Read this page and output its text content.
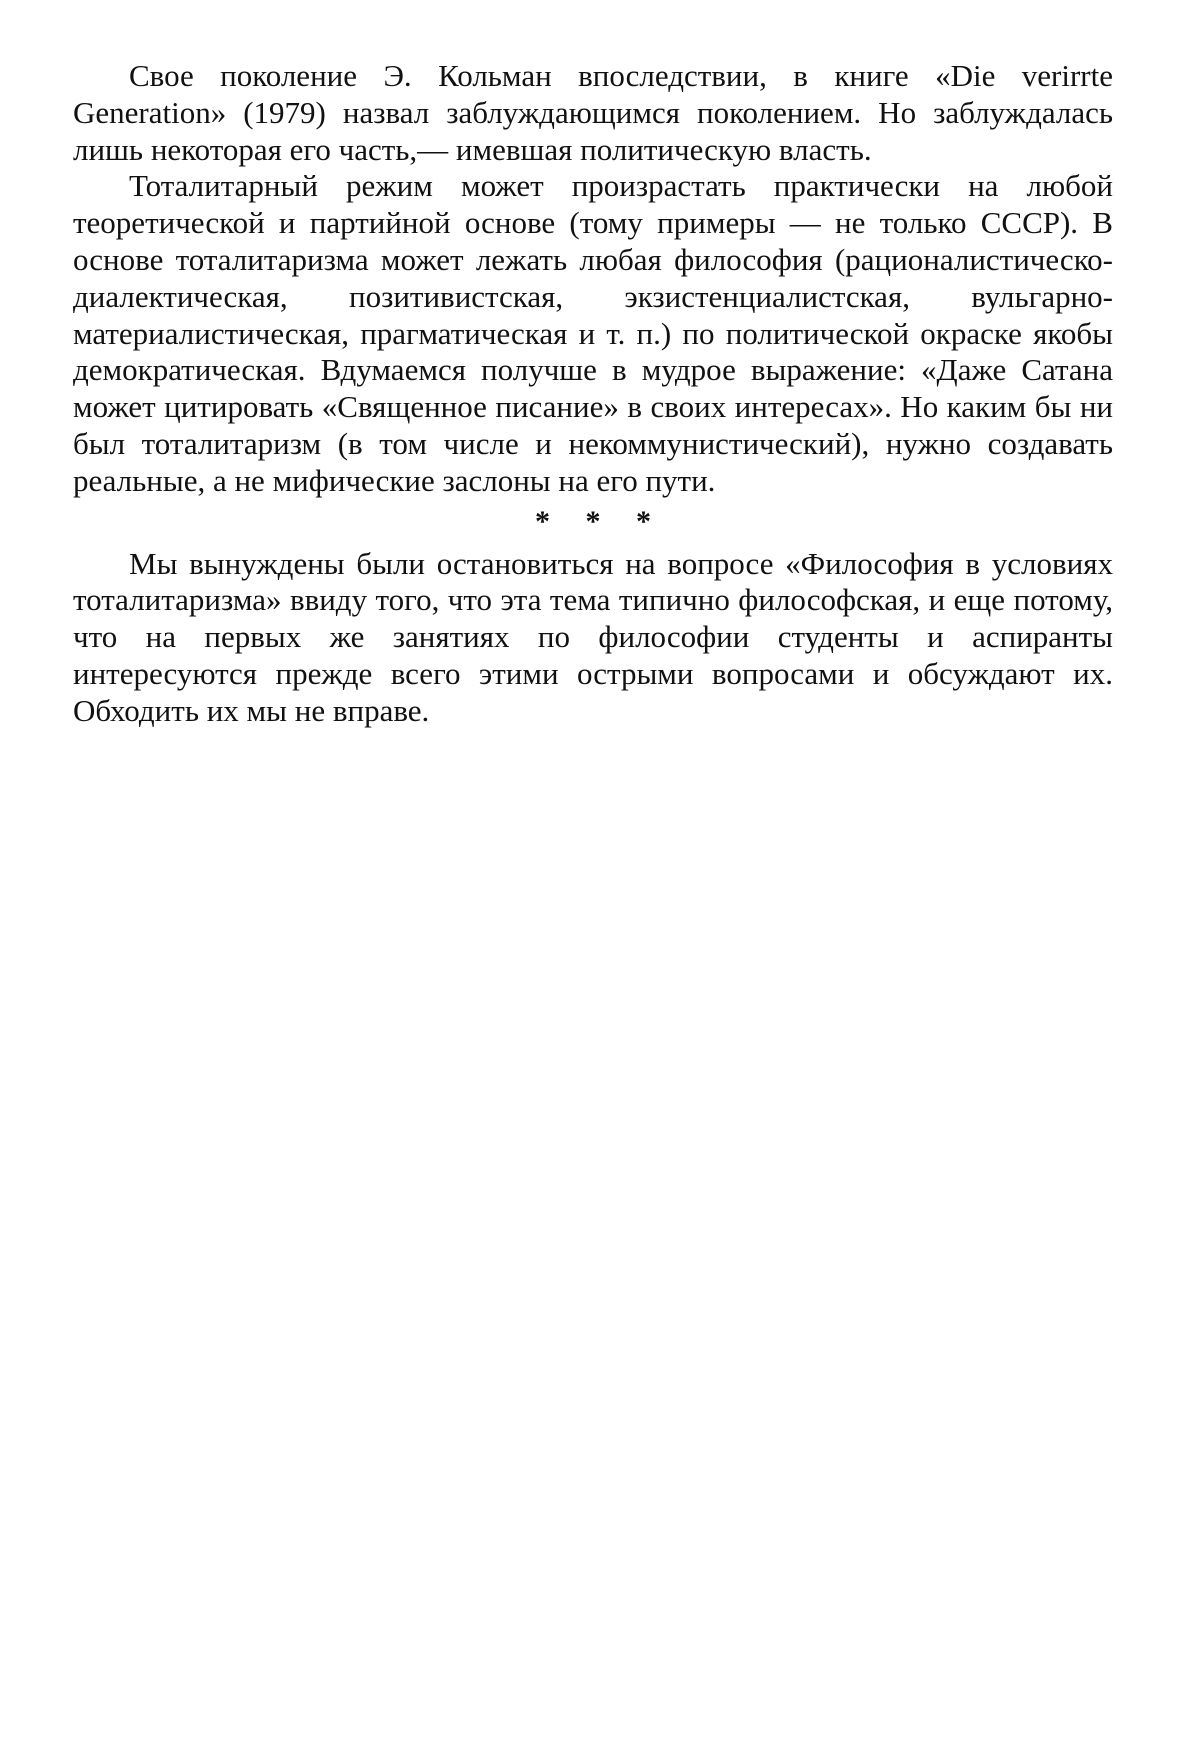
Свое поколение Э. Кольман впоследствии, в книге «Die verirrte Generation» (1979) назвал заблуждающимся поколением. Но заблуждалась лишь некоторая его часть,— имевшая политическую власть.

Тоталитарный режим может произрастать практически на любой теоретической и партийной основе (тому примеры — не только СССР). В основе тоталитаризма может лежать любая философия (рационалистическо-диалектическая, позитивистская, экзистенциалистская, вульгарно-материалистическая, прагматическая и т. п.) по политической окраске якобы демократическая. Вдумаемся получше в мудрое выражение: «Даже Сатана может цитировать «Священное писание» в своих интересах». Но каким бы ни был тоталитаризм (в том числе и некоммунистический), нужно создавать реальные, а не мифические заслоны на его пути.

* * *

Мы вынуждены были остановиться на вопросе «Философия в условиях тоталитаризма» ввиду того, что эта тема типично философская, и еще потому, что на первых же занятиях по философии студенты и аспиранты интересуются прежде всего этими острыми вопросами и обсуждают их. Обходить их мы не вправе.
